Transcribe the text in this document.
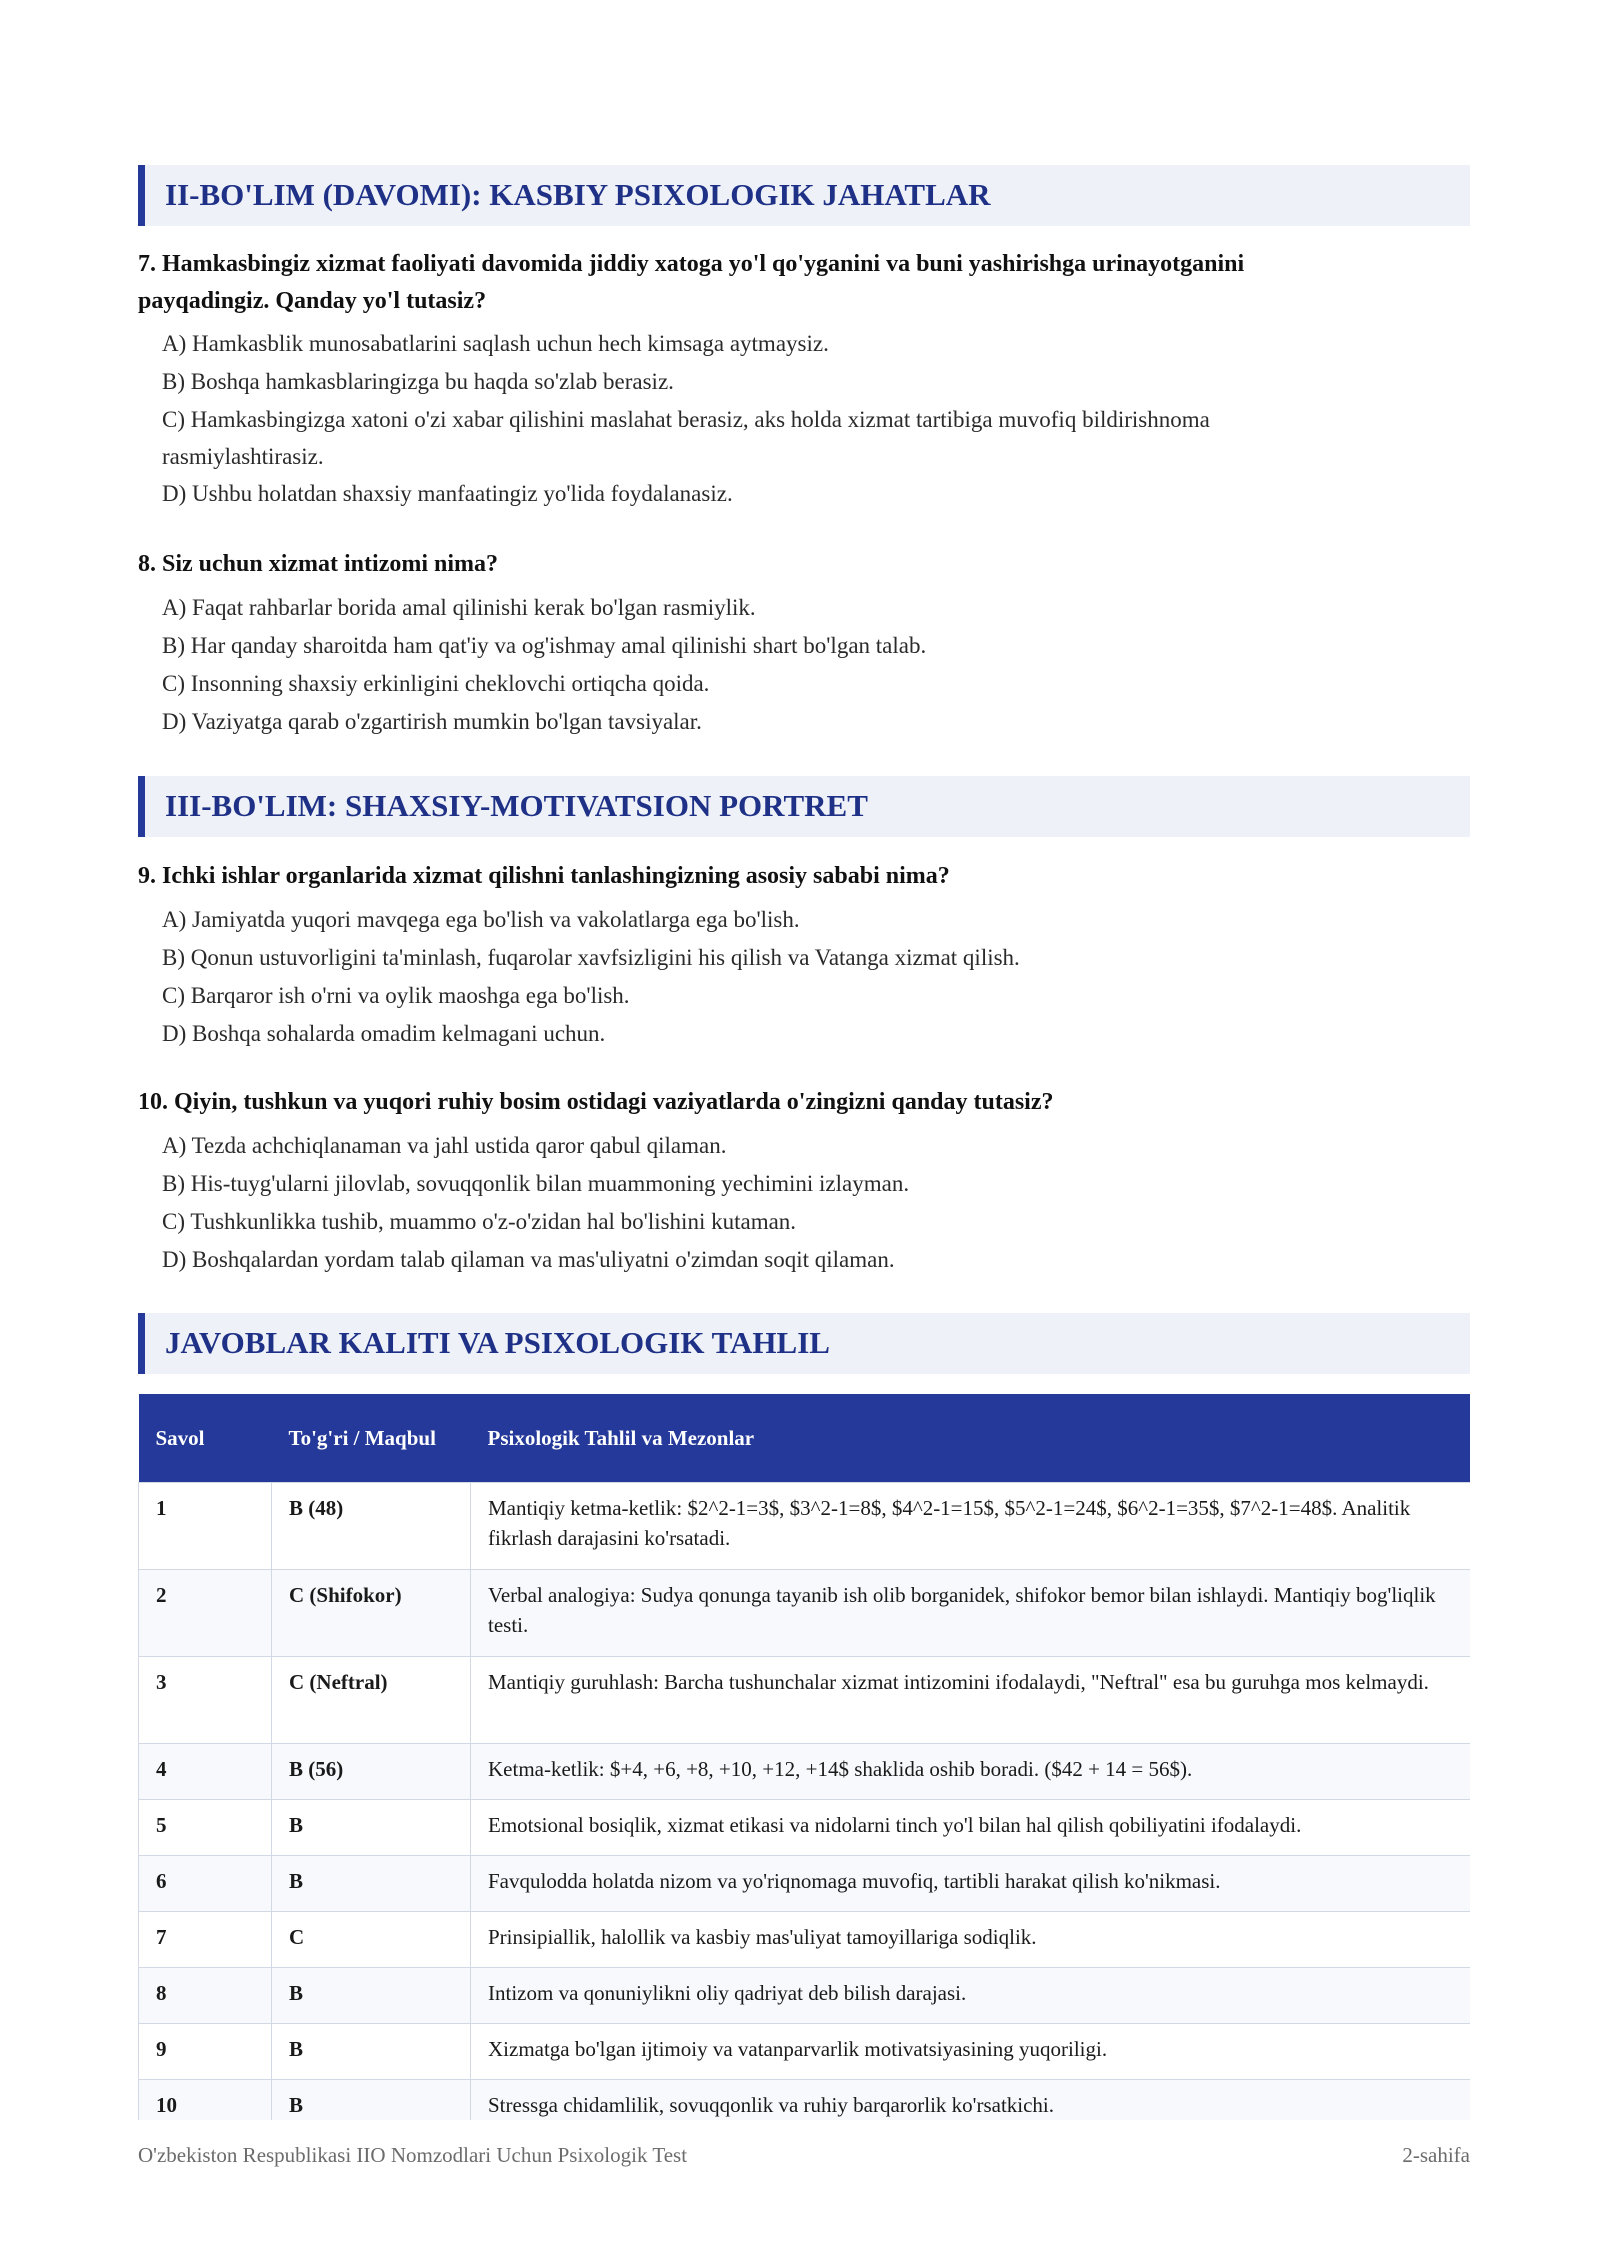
II-BO'LIM (DAVOMI): KASBIY PSIXOLOGIK JAHATLAR
7. Hamkasbingiz xizmat faoliyati davomida jiddiy xatoga yo'l qo'yganini va buni yashirishga urinayotganini
payqadingiz. Qanday yo'l tutasiz?
A) Hamkasblik munosabatlarini saqlash uchun hech kimsaga aytmaysiz.
B) Boshqa hamkasblaringizga bu haqda so'zlab berasiz.
C) Hamkasbingizga xatoni o'zi xabar qilishini maslahat berasiz, aks holda xizmat tartibiga muvofiq bildirishnoma
rasmiylashtirasiz.
D) Ushbu holatdan shaxsiy manfaatingiz yo'lida foydalanasiz.
8. Siz uchun xizmat intizomi nima?
A) Faqat rahbarlar borida amal qilinishi kerak bo'lgan rasmiylik.
B) Har qanday sharoitda ham qat'iy va og'ishmay amal qilinishi shart bo'lgan talab.
C) Insonning shaxsiy erkinligini cheklovchi ortiqcha qoida.
D) Vaziyatga qarab o'zgartirish mumkin bo'lgan tavsiyalar.
III-BO'LIM: SHAXSIY-MOTIVATSION PORTRET
9. Ichki ishlar organlarida xizmat qilishni tanlashingizning asosiy sababi nima?
A) Jamiyatda yuqori mavqega ega bo'lish va vakolatlarga ega bo'lish.
B) Qonun ustuvorligini ta'minlash, fuqarolar xavfsizligini his qilish va Vatanga xizmat qilish.
C) Barqaror ish o'rni va oylik maoshga ega bo'lish.
D) Boshqa sohalarda omadim kelmagani uchun.
10. Qiyin, tushkun va yuqori ruhiy bosim ostidagi vaziyatlarda o'zingizni qanday tutasiz?
A) Tezda achchiqlanaman va jahl ustida qaror qabul qilaman.
B) His-tuyg'ularni jilovlab, sovuqqonlik bilan muammoning yechimini izlayman.
C) Tushkunlikka tushib, muammo o'z-o'zidan hal bo'lishini kutaman.
D) Boshqalardan yordam talab qilaman va mas'uliyatni o'zimdan soqit qilaman.
JAVOBLAR KALITI VA PSIXOLOGIK TAHLIL
Savol	To'g'ri / Maqbul	Psixologik Tahlil va Mezonlar
1	B (48)	Mantiqiy ketma-ketlik: $2^2-1=3$, $3^2-1=8$, $4^2-1=15$, $5^2-1=24$, $6^2-1=35$, $7^2-1=48$. Analitik fikrlash darajasini ko'rsatadi.
2	C (Shifokor)	Verbal analogiya: Sudya qonunga tayanib ish olib borganidek, shifokor bemor bilan ishlaydi. Mantiqiy bog'liqlik testi.
3	C (Neftral)	Mantiqiy guruhlash: Barcha tushunchalar xizmat intizomini ifodalaydi, "Neftral" esa bu guruhga mos kelmaydi.
4	B (56)	Ketma-ketlik: $+4, +6, +8, +10, +12, +14$ shaklida oshib boradi. ($42 + 14 = 56$).
5	B	Emotsional bosiqlik, xizmat etikasi va nidolarni tinch yo'l bilan hal qilish qobiliyatini ifodalaydi.
6	B	Favqulodda holatda nizom va yo'riqnomaga muvofiq, tartibli harakat qilish ko'nikmasi.
7	C	Prinsipiallik, halollik va kasbiy mas'uliyat tamoyillariga sodiqlik.
8	B	Intizom va qonuniylikni oliy qadriyat deb bilish darajasi.
9	B	Xizmatga bo'lgan ijtimoiy va vatanparvarlik motivatsiyasining yuqoriligi.
10	B	Stressga chidamlilik, sovuqqonlik va ruhiy barqarorlik ko'rsatkichi.
O'zbekiston Respublikasi IIO Nomzodlari Uchun Psixologik Test	2-sahifa
